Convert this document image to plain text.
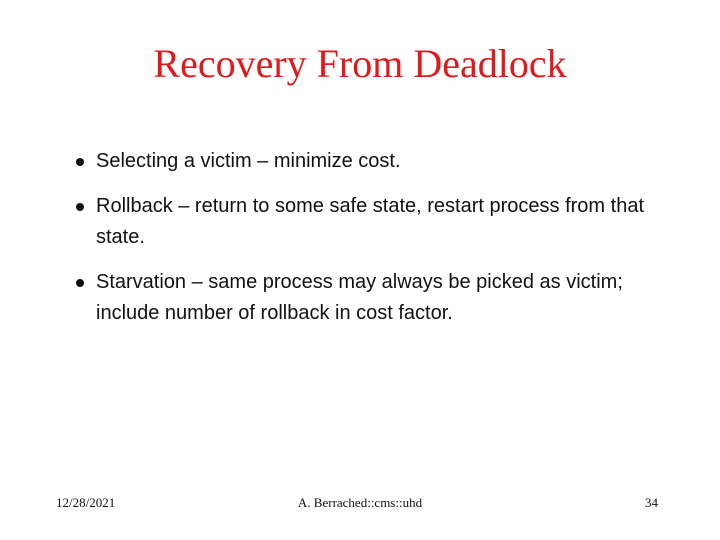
Recovery From Deadlock
Selecting a victim – minimize cost.
Rollback – return to some safe state, restart process from that state.
Starvation – same process may always be picked as victim; include number of rollback in cost factor.
12/28/2021	A. Berrached::cms::uhd	34
